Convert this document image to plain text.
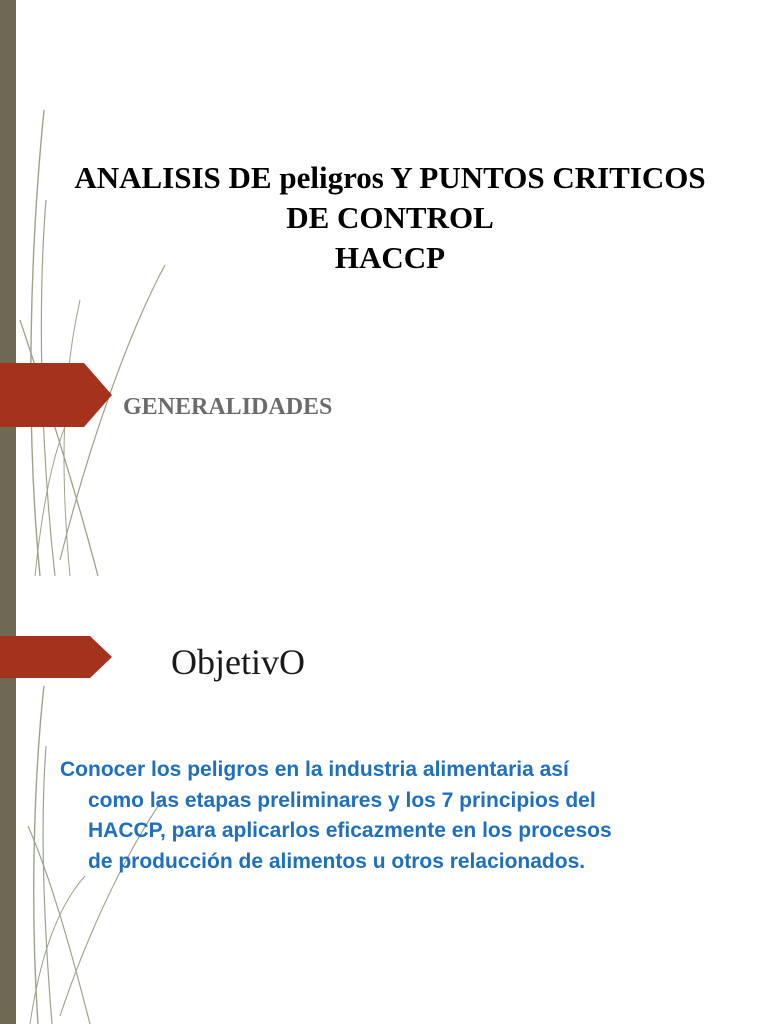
ANALISIS DE peligros Y PUNTOS CRITICOS
DE CONTROL
HACCP
GENERALIDADES
ObjetivO

Conocer los peligros en la industria alimentaria así
como las etapas preliminares y los 7 principios del
HACCP, para aplicarlos eficazmente en los procesos
de producción de alimentos u otros relacionados.
